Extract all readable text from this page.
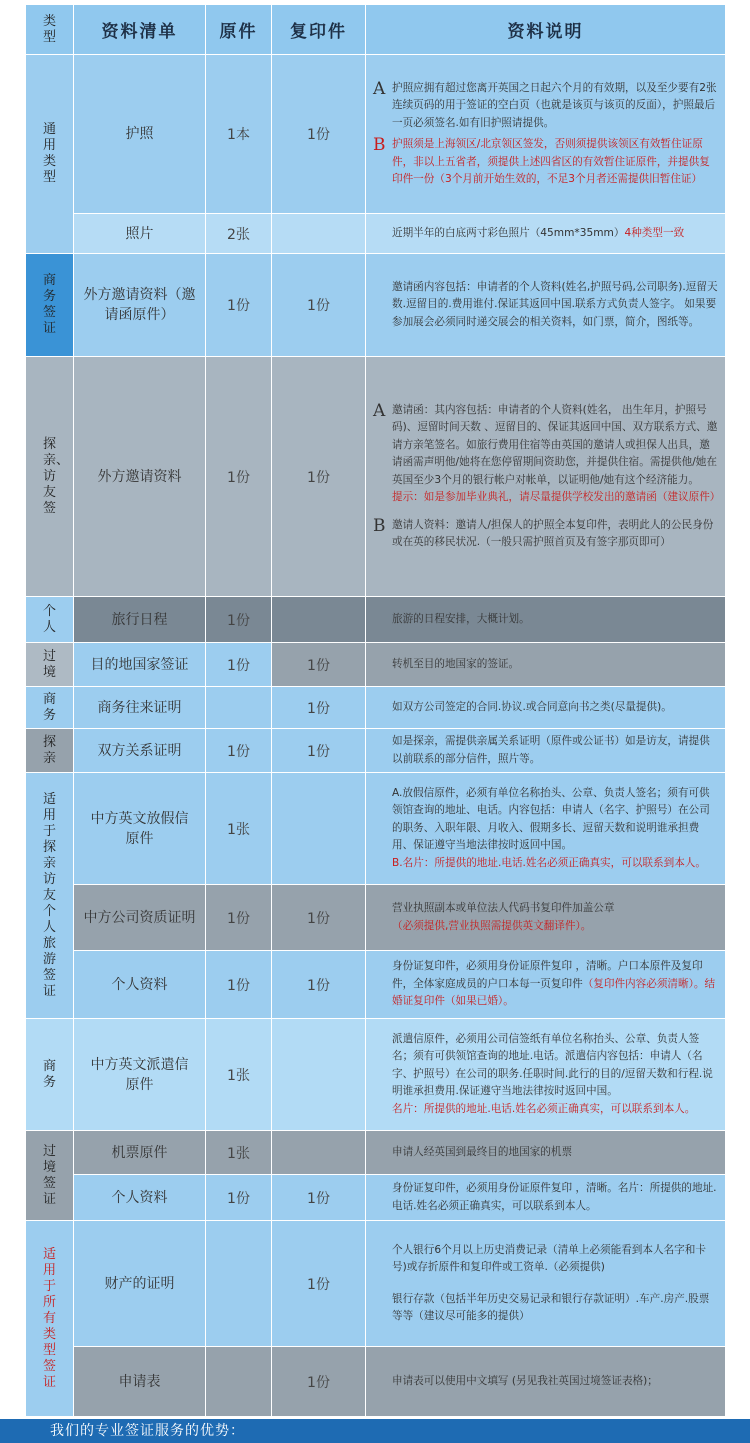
类型	资料清单	原件	复印件	资料说明
通用类型	护照	1本	1份	A 护照应拥有超过您离开英国之日起六个月的有效期，以及至少要有2张连续页码的用于签证的空白页（也就是该页与该页的反面），护照最后一页必须签名.如有旧护照请提供。
B 护照须是上海领区/北京领区签发，否则须提供该领区有效暂住证原件，非以上五省者，须提供上述四省区的有效暂住证原件，并提供复印件一份（3个月前开始生效的，不足3个月者还需提供旧暂住证）

	照片	2张		近期半年的白底两寸彩色照片（45mm*35mm）4种类型一致
商务签证	外方邀请资料（邀请函原件）	1份	1份	邀请函内容包括：申请者的个人资料(姓名,护照号码,公司职务).逗留天数.逗留目的.费用谁付.保证其返回中国.联系方式负责人签字。 如果要参加展会必须同时递交展会的相关资料，如门票，简介，图纸等。
探亲、访友签	外方邀请资料	1份	1份	A 邀请函：其内容包括：申请者的个人资料(姓名， 出生年月，护照号码)、逗留时间天数 、逗留目的、保证其返回中国、双方联系方式、邀请方亲笔签名。如旅行费用住宿等由英国的邀请人或担保人出具，邀请函需声明他/她将在您停留期间资助您，并提供住宿。需提供他/她在英国至少3个月的银行帐户对帐单，以证明他/她有这个经济能力。
提示：如是参加毕业典礼，请尽量提供学校发出的邀请函（建议原件）
B 邀请人资料：邀请人/担保人的护照全本复印件，表明此人的公民身份或在英的移民状况.（一般只需护照首页及有签字那页即可）

个人	旅行日程	1份		旅游的日程安排，大概计划。
过境	目的地国家签证	1份	1份	转机至目的地国家的签证。
商务	商务往来证明		1份	如双方公司签定的合同.协议.或合同意向书之类(尽量提供)。
探亲	双方关系证明	1份	1份	如是探亲，需提供亲属关系证明（原件或公证书）如是访友，请提供以前联系的部分信件，照片等。
适用于探亲访友个人旅游签证	中方英文放假信原件	1张		A.放假信原件，必须有单位名称抬头、公章、负责人签名；须有可供领馆查询的地址、电话。内容包括：申请人（名字、护照号）在公司的职务、入职年限、月收入、假期多长、逗留天数和说明谁承担费用、保证遵守当地法律按时返回中国。
B.名片：所提供的地址.电话.姓名必须正确真实，可以联系到本人。

	中方公司资质证明	1份	1份	营业执照副本或单位法人代码书复印件加盖公章
（必须提供,营业执照需提供英文翻译件）。

	个人资料	1份	1份	身份证复印件，必须用身份证原件复印 ，清晰。户口本原件及复印件，全体家庭成员的户口本每一页复印件（复印件内容必须清晰）。结婚证复印件（如果已婚）。
商务	中方英文派遣信原件	1张		派遣信原件，必须用公司信签纸有单位名称抬头、公章、负责人签名；须有可供领馆查询的地址.电话。派遣信内容包括：申请人（名字、护照号）在公司的职务.任职时间.此行的目的/逗留天数和行程.说明谁承担费用.保证遵守当地法律按时返回中国。
名片：所提供的地址.电话.姓名必须正确真实，可以联系到本人。

过境签证	机票原件	1张		申请人经英国到最终目的地国家的机票
	个人资料	1份	1份	身份证复印件，必须用身份证原件复印 ，清晰。名片：所提供的地址.电话.姓名必须正确真实，可以联系到本人。
适用于所有类型签证	财产的证明		1份	个人银行6个月以上历史消费记录（清单上必须能看到本人名字和卡号)或存折原件和复印件或工资单.（必须提供)
银行存款（包括半年历史交易记录和银行存款证明）.车产.房产.股票等等（建议尽可能多的提供）

	申请表		1份	申请表可以使用中文填写 (另见我社英国过境签证表格)；
我们的专业签证服务的优势：
